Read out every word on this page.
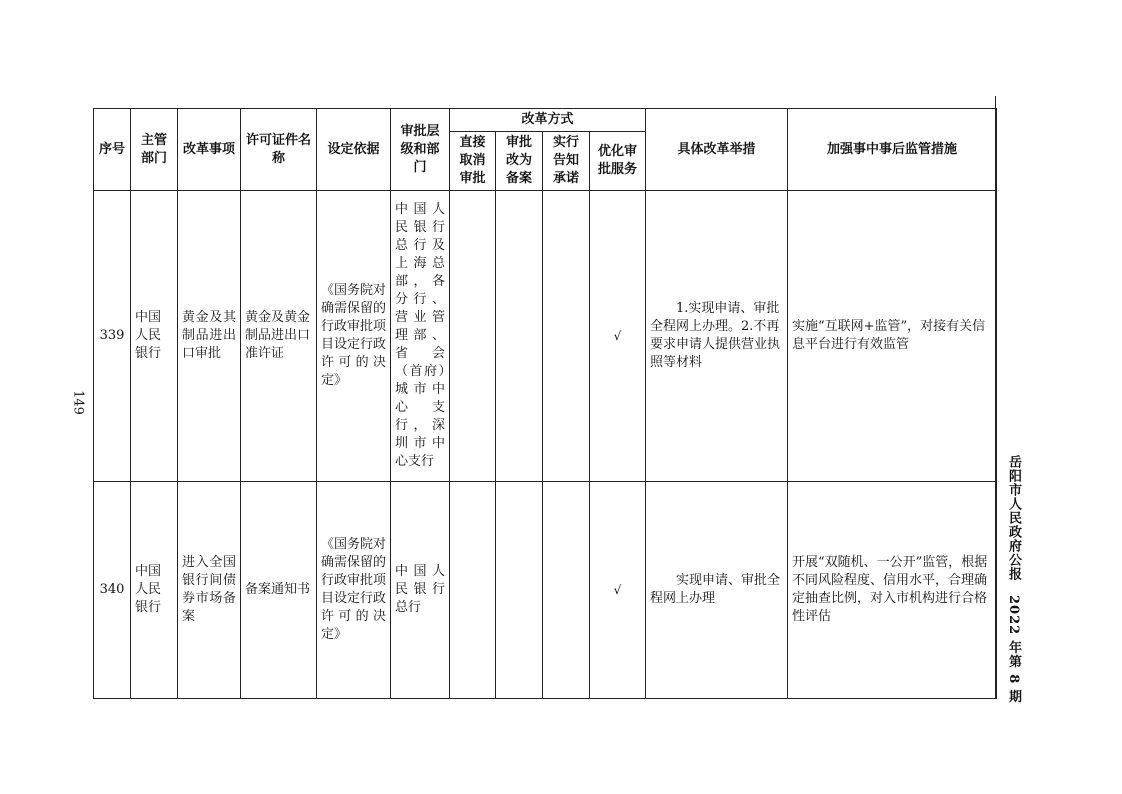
149
岳阳市人民政府公报2022 年第 8 期
序号	主管部门	改革事项	许可证件名称	设定依据	审批层级和部门	改革方式				具体改革举措	加强事中事后监管措施
						直接取消审批	审批改为备案	实行告知承诺	优化审批服务		
339	中国人民银行	黄金及其制品进出口审批	黄金及黄金制品进出口准许证	《国务院对确需保留的行政审批项目设定行政许可的决定》	中国人民银行总行及上海总部，各分行、营业管理部、省会（首府）城市中心支行，深圳市中心支行				√	1.实现申请、审批全程网上办理。2.不再要求申请人提供营业执照等材料	实施“互联网+监管”，对接有关信息平台进行有效监管
340	中国人民银行	进入全国银行间债券市场备案	备案通知书	《国务院对确需保留的行政审批项目设定行政许可的决定》	中国人民银行总行				√	实现申请、审批全程网上办理	开展“双随机、一公开”监管，根据不同风险程度、信用水平，合理确定抽查比例，对入市机构进行合格性评估
